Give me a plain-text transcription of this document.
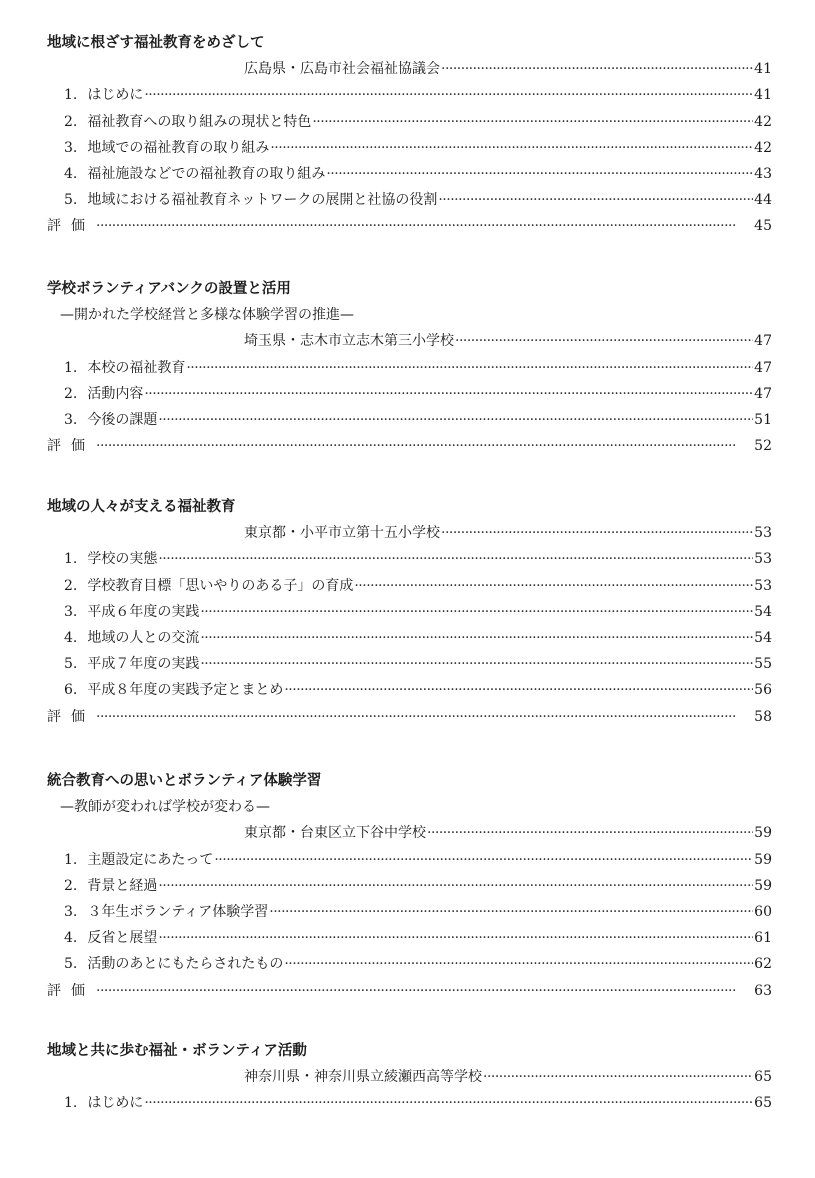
地域に根ざす福祉教育をめざして
広島県・広島市社会福祉協議会 ·····	41
1. はじめに ·····	41
2. 福祉教育への取り組みの現状と特色 ·····	42
3. 地域での福祉教育の取り組み ·····	42
4. 福祉施設などでの福祉教育の取り組み ·····	43
5. 地域における福祉教育ネットワークの展開と社協の役割 ·····	44
評価 ·····	45
学校ボランティアバンクの設置と活用
—開かれた学校経営と多様な体験学習の推進—
埼玉県・志木市立志木第三小学校 ·····	47
1. 本校の福祉教育 ·····	47
2. 活動内容 ·····	47
3. 今後の課題 ·····	51
評価 ·····	52
地域の人々が支える福祉教育
東京都・小平市立第十五小学校 ·····	53
1. 学校の実態 ·····	53
2. 学校教育目標「思いやりのある子」の育成 ·····	53
3. 平成６年度の実践 ·····	54
4. 地域の人との交流 ·····	54
5. 平成７年度の実践 ·····	55
6. 平成８年度の実践予定とまとめ ·····	56
評価 ·····	58
統合教育への思いとボランティア体験学習
—教師が変われば学校が変わる—
東京都・台東区立下谷中学校 ·····	59
1. 主題設定にあたって ·····	59
2. 背景と経過 ·····	59
3. ３年生ボランティア体験学習 ·····	60
4. 反省と展望 ·····	61
5. 活動のあとにもたらされたもの ·····	62
評価 ·····	63
地域と共に歩む福祉・ボランティア活動
神奈川県・神奈川県立綾瀬西高等学校 ·····	65
1. はじめに ·····	65
